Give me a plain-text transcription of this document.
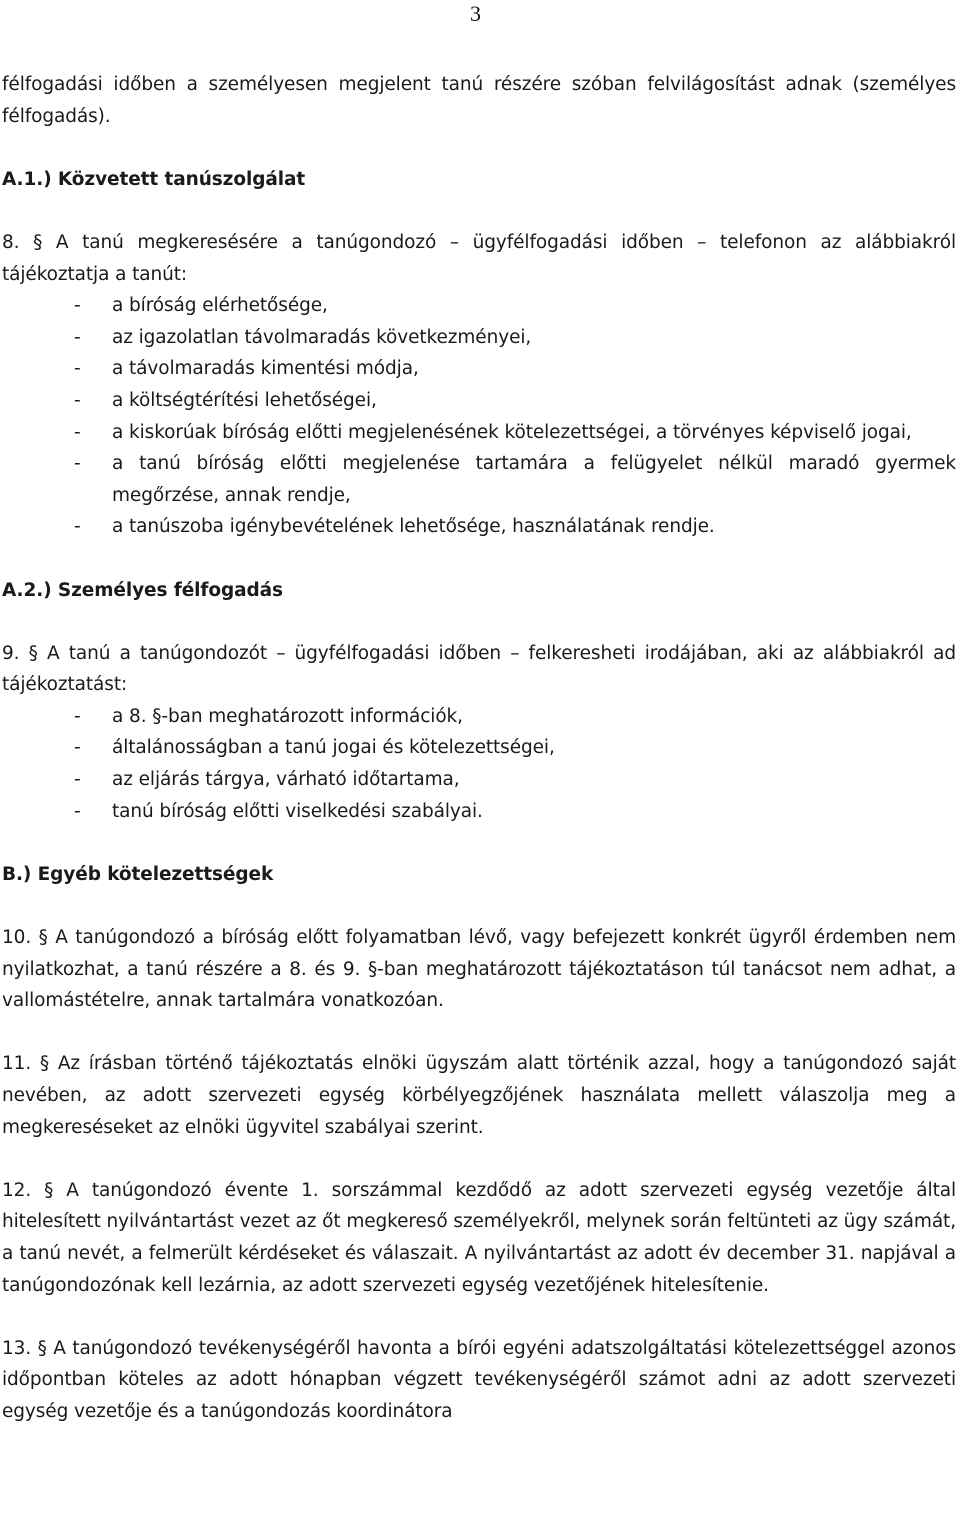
3

félfogadási időben a személyesen megjelent tanú részére szóban felvilágosítást adnak (személyes félfogadás).

A.1.) Közvetett tanúszolgálat

8. § A tanú megkeresésére a tanúgondozó – ügyfélfogadási időben – telefonon az alábbiakról tájékoztatja a tanút:

- a bíróság elérhetősége,
- az igazolatlan távolmaradás következményei,
- a távolmaradás kimentési módja,
- a költségtérítési lehetőségei,
- a kiskorúak bíróság előtti megjelenésének kötelezettségei, a törvényes képviselő jogai,
- a tanú bíróság előtti megjelenése tartamára a felügyelet nélkül maradó gyermek megőrzése, annak rendje,
- a tanúszoba igénybevételének lehetősége, használatának rendje.
A.2.) Személyes félfogadás

9. § A tanú a tanúgondozót – ügyfélfogadási időben – felkeresheti irodájában, aki az alábbiakról ad tájékoztatást:

- a 8. §-ban meghatározott információk,
- általánosságban a tanú jogai és kötelezettségei,
- az eljárás tárgya, várható időtartama,
- tanú bíróság előtti viselkedési szabályai.
B.) Egyéb kötelezettségek

10. § A tanúgondozó a bíróság előtt folyamatban lévő, vagy befejezett konkrét ügyről érdemben nem nyilatkozhat, a tanú részére a 8. és 9. §-ban meghatározott tájékoztatáson túl tanácsot nem adhat, a vallomástételre, annak tartalmára vonatkozóan.

11. § Az írásban történő tájékoztatás elnöki ügyszám alatt történik azzal, hogy a tanúgondozó saját nevében, az adott szervezeti egység körbélyegzőjének használata mellett válaszolja meg a megkereséseket az elnöki ügyvitel szabályai szerint.

12. § A tanúgondozó évente 1. sorszámmal kezdődő az adott szervezeti egység vezetője által hitelesített nyilvántartást vezet az őt megkereső személyekről, melynek során feltünteti az ügy számát, a tanú nevét, a felmerült kérdéseket és válaszait. A nyilvántartást az adott év december 31. napjával a tanúgondozónak kell lezárnia, az adott szervezeti egység vezetőjének hitelesítenie.

13. § A tanúgondozó tevékenységéről havonta a bírói egyéni adatszolgáltatási kötelezettséggel azonos időpontban köteles az adott hónapban végzett tevékenységéről számot adni az adott szervezeti egység vezetője és a tanúgondozás koordinátora
